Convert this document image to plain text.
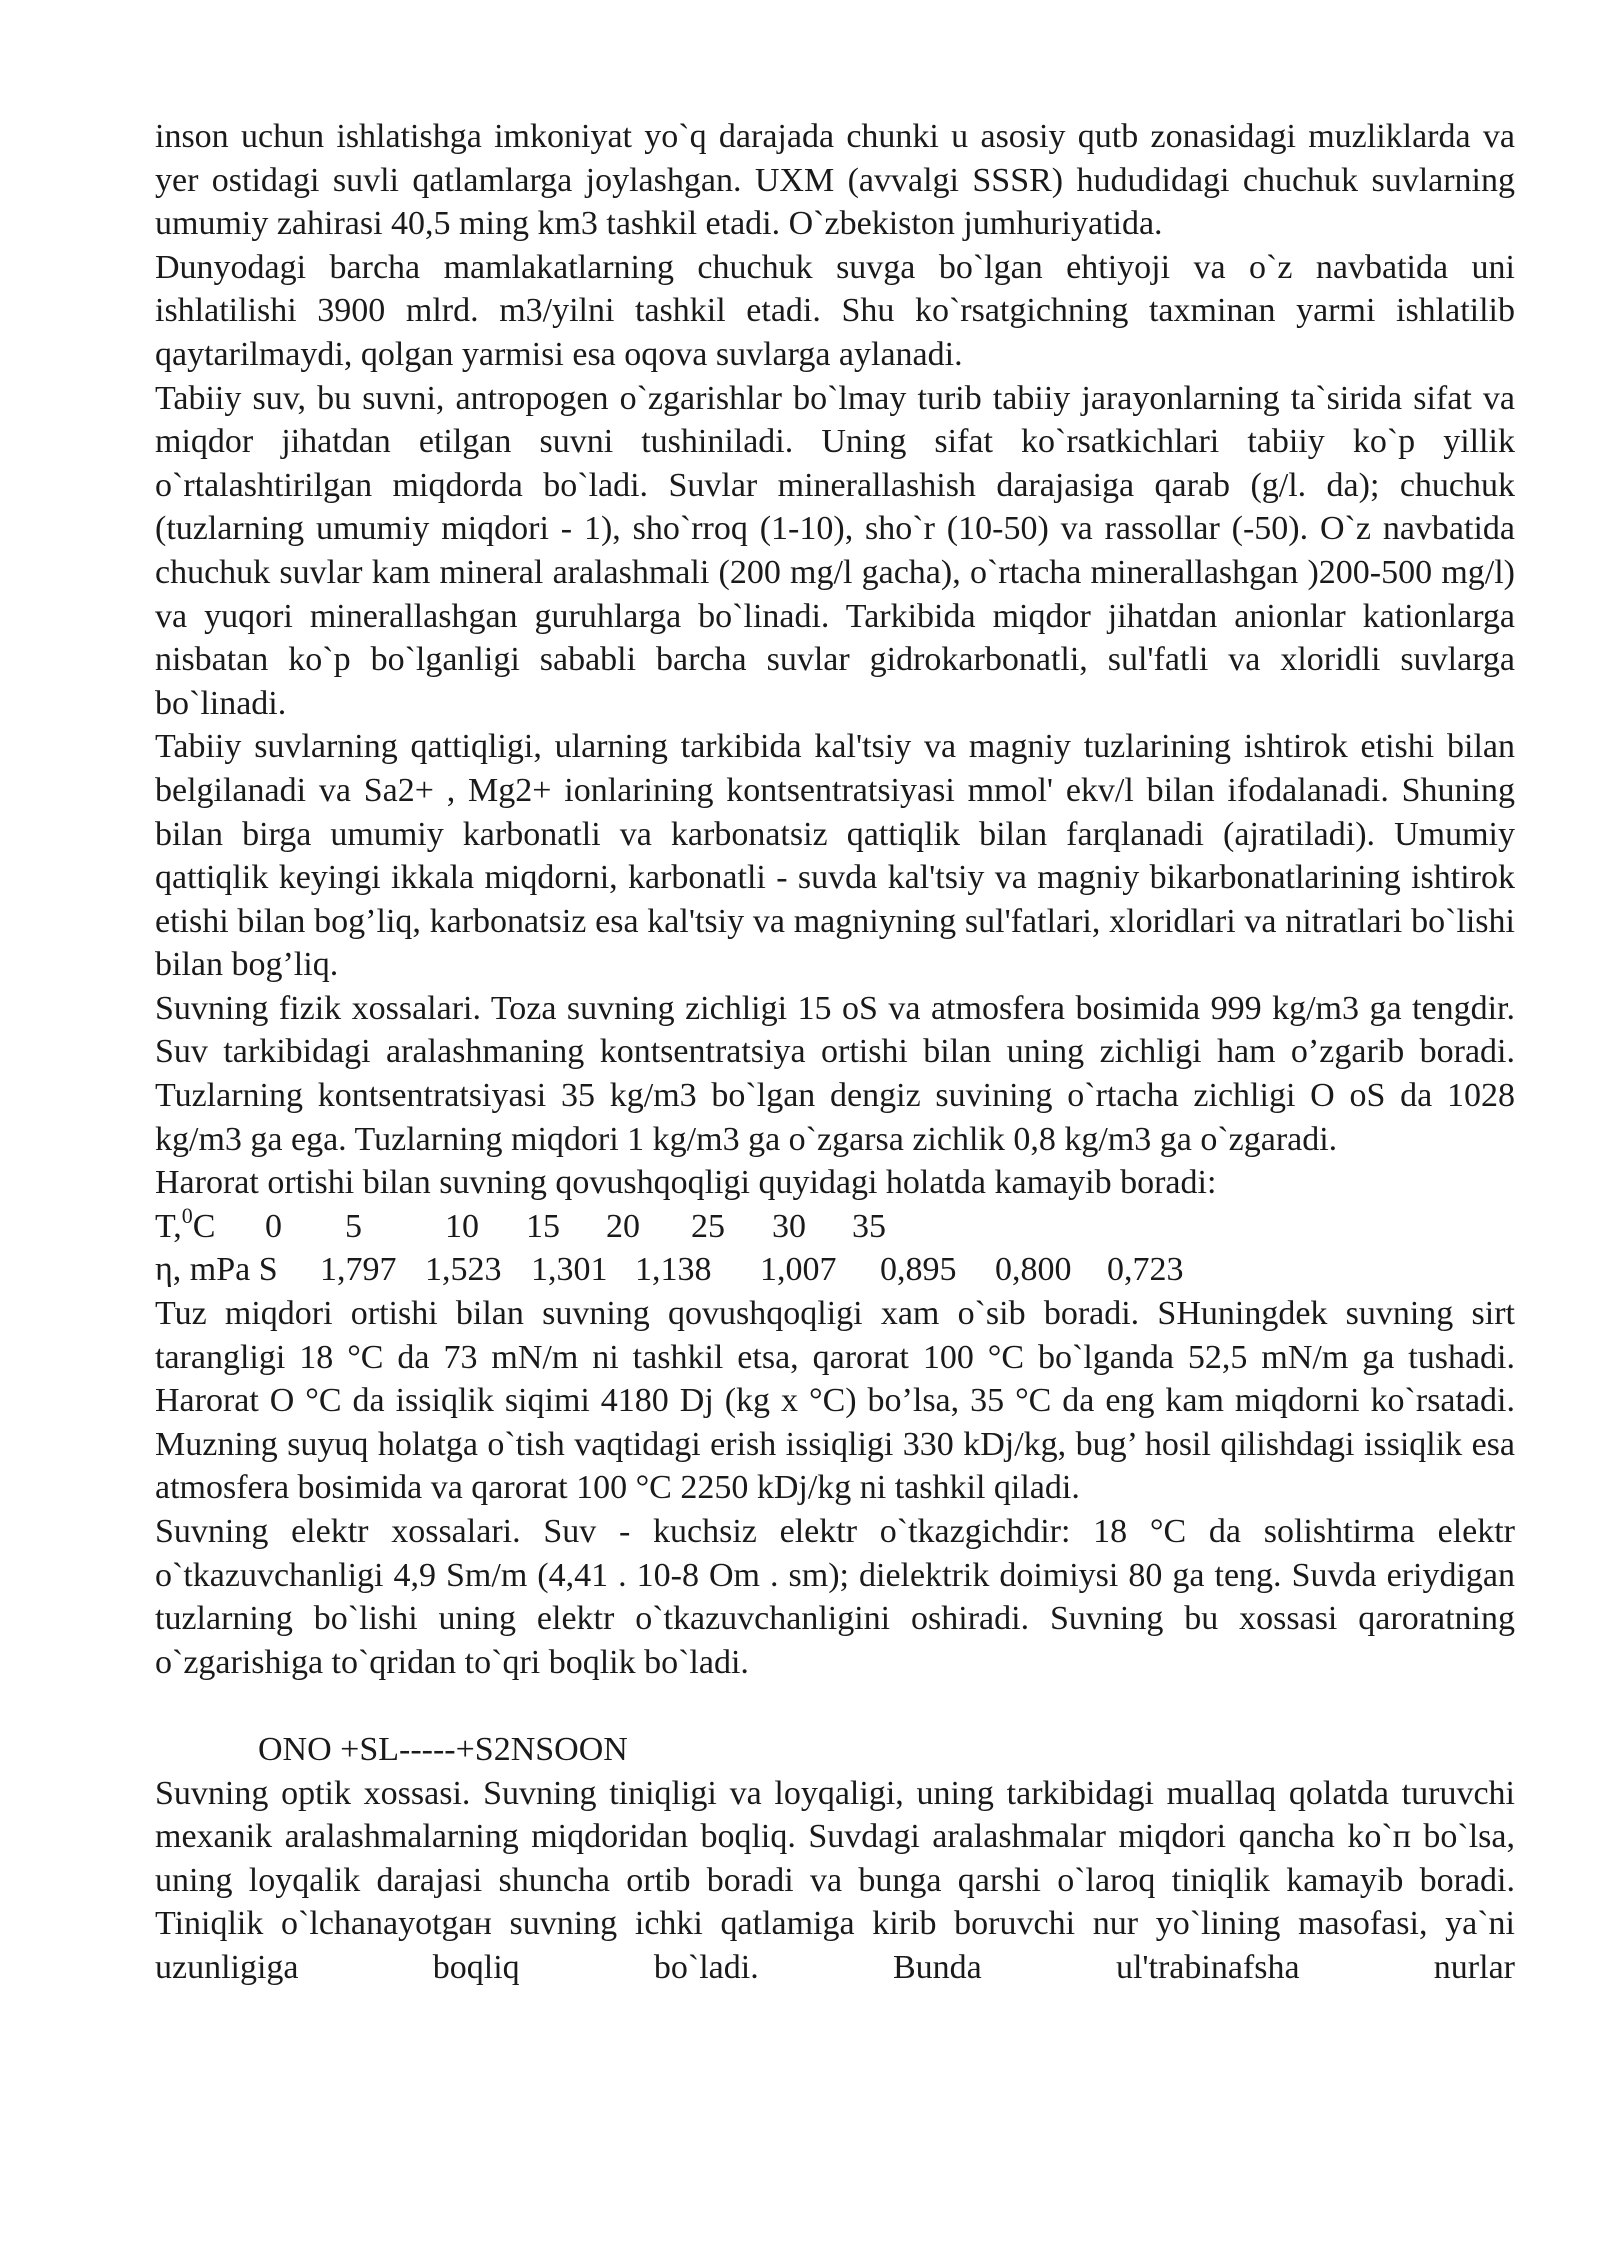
inson uchun ishlatishga imkoniyat yo`q darajada chunki u asosiy qutb zonasidagi muzliklarda va yer ostidagi suvli qatlamlarga joylashgan. UXM (avvalgi SSSR) hududidagi chuchuk suvlarning umumiy zahirasi 40,5 ming km3 tashkil etadi. O`zbekiston jumhuriyatida.

Dunyodagi barcha mamlakatlarning chuchuk suvga bo`lgan ehtiyoji va o`z navbatida uni ishlatilishi 3900 mlrd. m3/yilni tashkil etadi. Shu ko`rsatgichning taxminan yarmi ishlatilib qaytarilmaydi, qolgan yarmisi esa oqova suvlarga aylanadi.

Tabiiy suv, bu suvni, antropogen o`zgarishlar bo`lmay turib tabiiy jarayonlarning ta`sirida sifat va miqdor jihatdan etilgan suvni tushiniladi. Uning sifat ko`rsatkichlari tabiiy ko`p yillik o`rtalashtirilgan miqdorda bo`ladi. Suvlar minerallashish darajasiga qarab (g/l. da); chuchuk (tuzlarning umumiy miqdori - 1), sho`rroq (1-10), sho`r (10-50) va rassollar (-50). O`z navbatida chuchuk suvlar kam mineral aralashmali (200 mg/l gacha), o`rtacha minerallashgan )200-500 mg/l) va yuqori minerallashgan guruhlarga bo`linadi. Tarkibida miqdor jihatdan anionlar kationlarga nisbatan ko`p bo`lganligi sababli barcha suvlar gidrokarbonatli, sul'fatli va xloridli suvlarga bo`linadi.

Tabiiy suvlarning qattiqligi, ularning tarkibida kal'tsiy va magniy tuzlarining ishtirok etishi bilan belgilanadi va Sa2+ , Mg2+ ionlarining kontsentratsiyasi mmol' ekv/l bilan ifodalanadi. Shuning bilan birga umumiy karbonatli va karbonatsiz qattiqlik bilan farqlanadi (ajratiladi). Umumiy qattiqlik keyingi ikkala miqdorni, karbonatli - suvda kal'tsiy va magniy bikarbonatlarining ishtirok etishi bilan bog’liq, karbonatsiz esa kal'tsiy va magniyning sul'fatlari, xloridlari va nitratlari bo`lishi bilan bog’liq.

Suvning fizik xossalari. Toza suvning zichligi 15 oS va atmosfera bosimida 999 kg/m3 ga tengdir. Suv tarkibidagi aralashmaning kontsentratsiya ortishi bilan uning zichligi ham o’zgarib boradi. Tuzlarning kontsentratsiyasi 35 kg/m3 bo`lgan dengiz suvining o`rtacha zichligi O oS da 1028 kg/m3 ga ega. Tuzlarning miqdori 1 kg/m3 ga o`zgarsa zichlik 0,8 kg/m3 ga o`zgaradi.

Harorat ortishi bilan suvning qovushqoqligi quyidagi holatda kamayib boradi:

T,$^0$C	0	5	10	15	20	25	30	35
η, mPa S	1,797 1,523 1,301 1,138	1,007	0,895	0,800	0,723

Tuz miqdori ortishi bilan suvning qovushqoqligi xam o`sib boradi. SHuningdek suvning sirt tarangligi 18 °C da 73 mN/m ni tashkil etsa, qarorat 100 °C bo`lganda 52,5 mN/m ga tushadi. Harorat O °C da issiqlik siqimi 4180 Dj (kg x °C) bo’lsa, 35 °C da eng kam miqdorni ko`rsatadi. Muzning suyuq holatga o`tish vaqtidagi erish issiqligi 330 kDj/kg, bug’ hosil qilishdagi issiqlik esa atmosfera bosimida va qarorat 100 °C 2250 kDj/kg ni tashkil qiladi.

Suvning elektr xossalari. Suv - kuchsiz elektr o`tkazgichdir: 18 °C da solishtirma elektr o`tkazuvchanligi 4,9 Sm/m (4,41 . 10-8 Om . sm); dielektrik doimiysi 80 ga teng. Suvda eriydigan tuzlarning bo`lishi uning elektr o`tkazuvchanligini oshiradi. Suvning bu xossasi qaroratning o`zgarishiga to`qridan to`qri boqlik bo`ladi.

ONO +SL-----+S2NSOON

Suvning optik xossasi. Suvning tiniqligi va loyqaligi, uning tarkibidagi muallaq qolatda turuvchi mexanik aralashmalarning miqdoridan boqliq. Suvdagi aralashmalar miqdori qancha ko`п bo`lsa, uning loyqalik darajasi shuncha ortib boradi va bunga qarshi o`laroq tiniqlik kamayib boradi. Tiniqlik o`lchanayotgaн suvning ichki qatlamiga kirib boruvchi nur yo`lining masofasi, ya`ni uzunligiga boqliq bo`ladi. Bunda ul'trabinafsha nurlar
